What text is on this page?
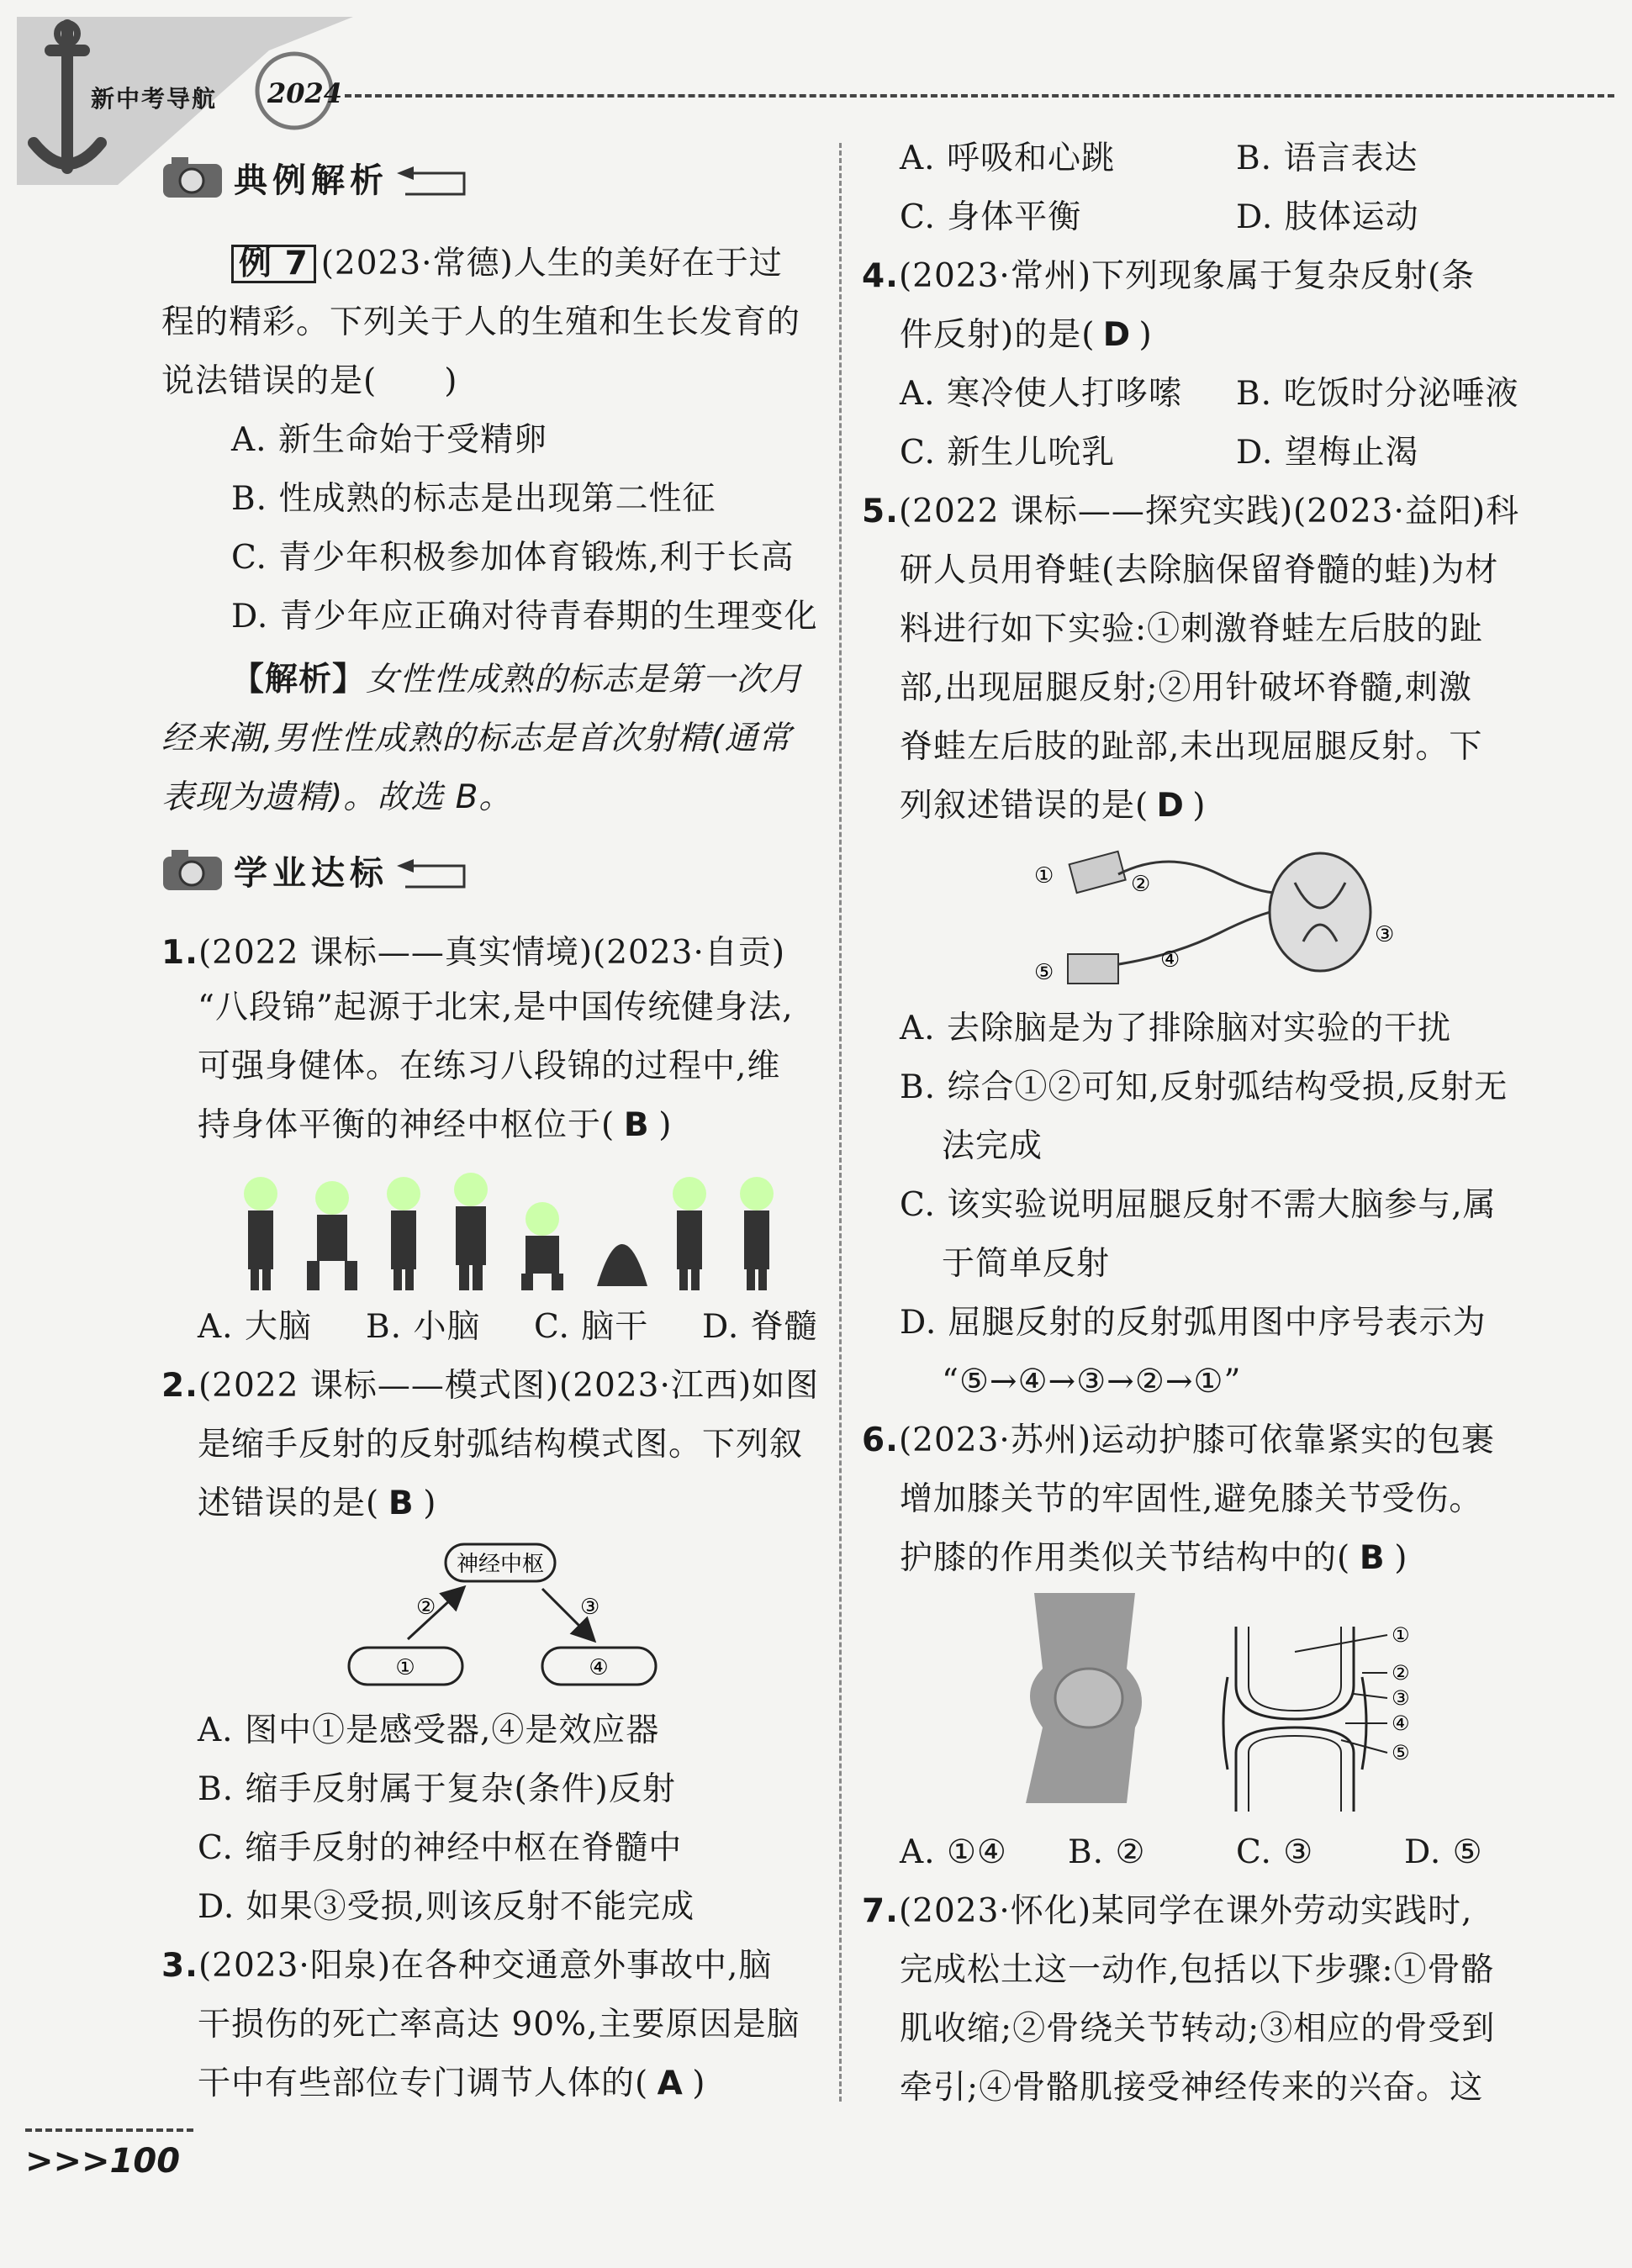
新中考导航 2024
典例解析
例 7 (2023·常德)人生的美好在于过
程的精彩。下列关于人的生殖和生长发育的
说法错误的是(　　)
A. 新生命始于受精卵
B. 性成熟的标志是出现第二性征
C. 青少年积极参加体育锻炼,利于长高
D. 青少年应正确对待青春期的生理变化
【解析】女性性成熟的标志是第一次月
经来潮,男性性成熟的标志是首次射精(通常
表现为遗精)。故选 B。
学业达标
1.(2022 课标——真实情境)(2023·自贡)
“八段锦”起源于北宋,是中国传统健身法,
可强身健体。在练习八段锦的过程中,维
持身体平衡的神经中枢位于( B )
A. 大脑 B. 小脑 C. 脑干 D. 脊髓
2.(2022 课标——模式图)(2023·江西)如图
是缩手反射的反射弧结构模式图。下列叙
述错误的是( B )
神经中枢
①	④
②	③
A. 图中①是感受器,④是效应器
B. 缩手反射属于复杂(条件)反射
C. 缩手反射的神经中枢在脊髓中
D. 如果③受损,则该反射不能完成
3.(2023·阳泉)在各种交通意外事故中,脑
干损伤的死亡率高达 90%,主要原因是脑
干中有些部位专门调节人体的( A )
A. 呼吸和心跳	B. 语言表达
C. 身体平衡	D. 肢体运动
4.(2023·常州)下列现象属于复杂反射(条
件反射)的是( D )
A. 寒冷使人打哆嗦 B. 吃饭时分泌唾液
C. 新生儿吮乳	D. 望梅止渴
5.(2022 课标——探究实践)(2023·益阳)科
研人员用脊蛙(去除脑保留脊髓的蛙)为材
料进行如下实验:①刺激脊蛙左后肢的趾
部,出现屈腿反射;②用针破坏脊髓,刺激
脊蛙左后肢的趾部,未出现屈腿反射。下
列叙述错误的是( D )
①	②
③
④
⑤
A. 去除脑是为了排除脑对实验的干扰
B. 综合①②可知,反射弧结构受损,反射无
法完成
C. 该实验说明屈腿反射不需大脑参与,属
于简单反射
D. 屈腿反射的反射弧用图中序号表示为
“⑤→④→③→②→①”
6.(2023·苏州)运动护膝可依靠紧实的包裹
增加膝关节的牢固性,避免膝关节受伤。
护膝的作用类似关节结构中的( B )
①
②
③
④
⑤
A. ①④ B. ②	C. ③	D. ⑤
7.(2023·怀化)某同学在课外劳动实践时,
完成松土这一动作,包括以下步骤:①骨骼
肌收缩;②骨绕关节转动;③相应的骨受到
牵引;④骨骼肌接受神经传来的兴奋。这
>>>100
